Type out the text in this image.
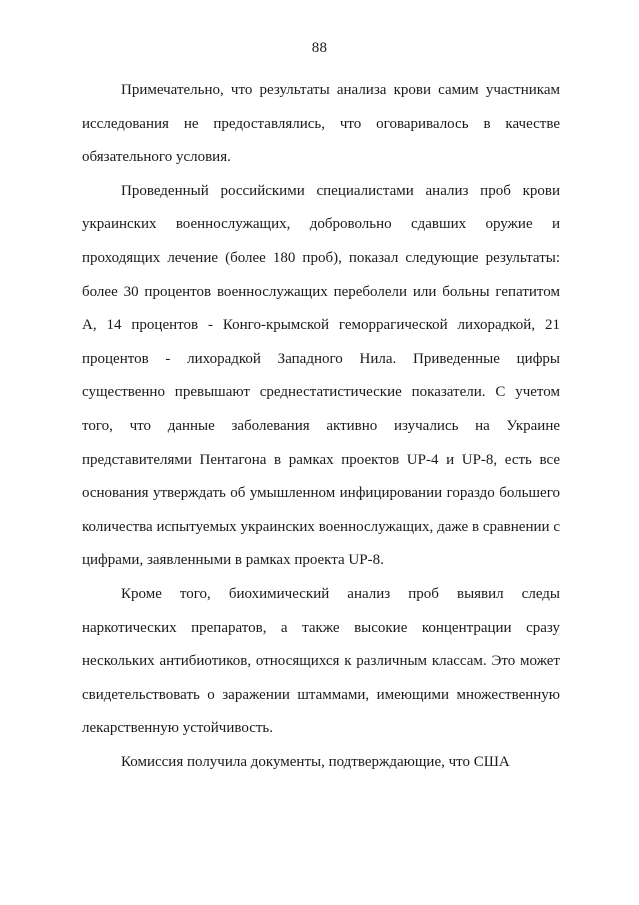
88

Примечательно, что результаты анализа крови самим участникам исследования не предоставлялись, что оговаривалось в качестве обязательного условия.

Проведенный российскими специалистами анализ проб крови украинских военнослужащих, добровольно сдавших оружие и проходящих лечение (более 180 проб), показал следующие результаты: более 30 процентов военнослужащих переболели или больны гепатитом А, 14 процентов - Конго-крымской геморрагической лихорадкой, 21 процентов - лихорадкой Западного Нила. Приведенные цифры существенно превышают среднестатистические показатели. С учетом того, что данные заболевания активно изучались на Украине представителями Пентагона в рамках проектов UP-4 и UP-8, есть все основания утверждать об умышленном инфицировании гораздо большего количества испытуемых украинских военнослужащих, даже в сравнении с цифрами, заявленными в рамках проекта UP-8.

Кроме того, биохимический анализ проб выявил следы наркотических препаратов, а также высокие концентрации сразу нескольких антибиотиков, относящихся к различным классам. Это может свидетельствовать о заражении штаммами, имеющими множественную лекарственную устойчивость.

Комиссия получила документы, подтверждающие, что США
